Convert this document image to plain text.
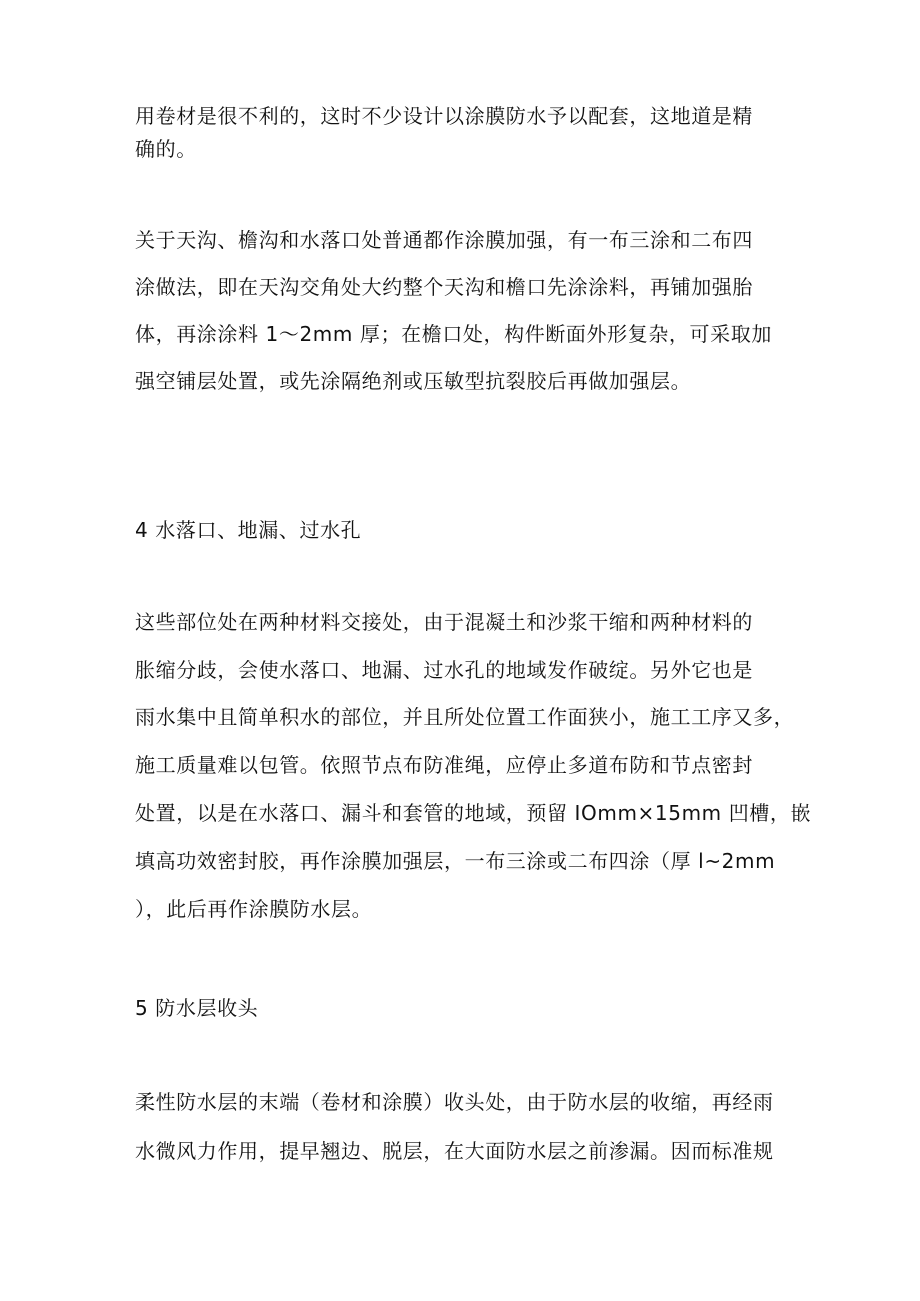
用卷材是很不利的，这时不少设计以涂膜防水予以配套，这地道是精
确的。
关于天沟、檐沟和水落口处普通都作涂膜加强，有一布三涂和二布四
涂做法，即在天沟交角处大约整个天沟和檐口先涂涂料，再铺加强胎
体，再涂涂料 1～2mm 厚；在檐口处，构件断面外形复杂，可采取加
强空铺层处置，或先涂隔绝剂或压敏型抗裂胶后再做加强层。
4 水落口、地漏、过水孔
这些部位处在两种材料交接处，由于混凝土和沙浆干缩和两种材料的
胀缩分歧，会使水落口、地漏、过水孔的地域发作破绽。另外它也是
雨水集中且简单积水的部位，并且所处位置工作面狭小，施工工序又多，
施工质量难以包管。依照节点布防准绳，应停止多道布防和节点密封
处置，以是在水落口、漏斗和套管的地域，预留 IOmm×15mm 凹槽，嵌
填高功效密封胶，再作涂膜加强层，一布三涂或二布四涂（厚 l~2mm
），此后再作涂膜防水层。
5 防水层收头
柔性防水层的末端（卷材和涂膜）收头处，由于防水层的收缩，再经雨
水微风力作用，提早翘边、脱层，在大面防水层之前渗漏。因而标准规
